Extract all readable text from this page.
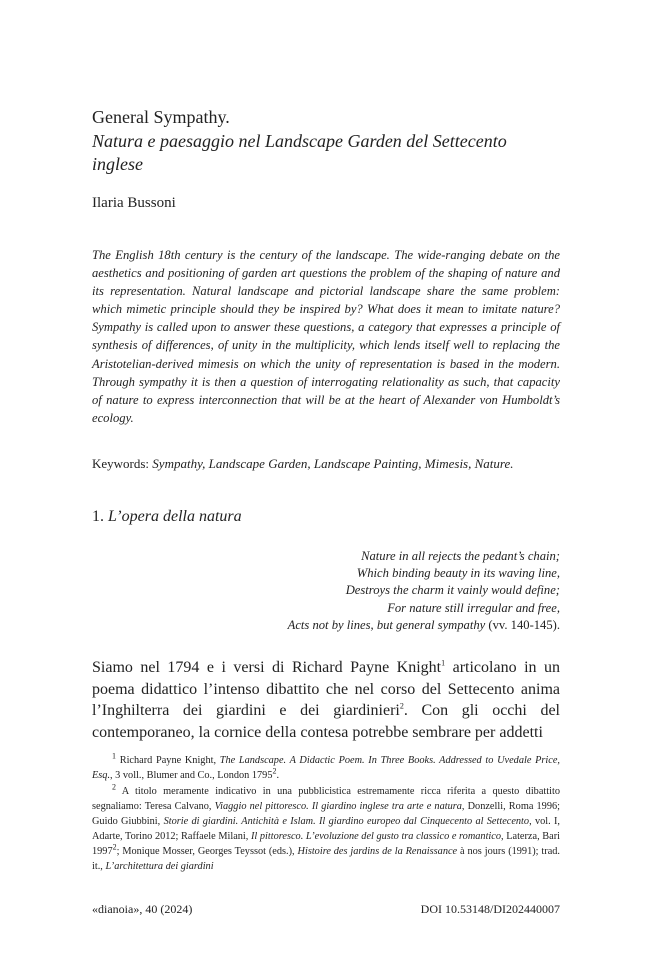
General Sympathy.
Natura e paesaggio nel Landscape Garden del Settecento inglese
Ilaria Bussoni
The English 18th century is the century of the landscape. The wide-ranging debate on the aesthetics and positioning of garden art questions the problem of the shaping of nature and its representation. Natural landscape and pictorial landscape share the same problem: which mimetic principle should they be inspired by? What does it mean to imitate nature? Sympathy is called upon to answer these questions, a category that expresses a principle of synthesis of differences, of unity in the multiplicity, which lends itself well to replacing the Aristotelian-derived mimesis on which the unity of representation is based in the modern. Through sympathy it is then a question of interrogating relationality as such, that capacity of nature to express interconnection that will be at the heart of Alexander von Humboldt’s ecology.
Keywords: Sympathy, Landscape Garden, Landscape Painting, Mimesis, Nature.
1. L’opera della natura
Nature in all rejects the pedant’s chain;
Which binding beauty in its waving line,
Destroys the charm it vainly would define;
For nature still irregular and free,
Acts not by lines, but general sympathy (vv. 140-145).
Siamo nel 1794 e i versi di Richard Payne Knight$^1$ articolano in un poema didattico l’intenso dibattito che nel corso del Settecento anima l’Inghilterra dei giardini e dei giardinieri$^2$. Con gli occhi del contemporaneo, la cornice della contesa potrebbe sembrare per addetti

$^1$ Richard Payne Knight, The Landscape. A Didactic Poem. In Three Books. Addressed to Uvedale Price, Esq., 3 voll., Blumer and Co., London 1795$^2$.

$^2$ A titolo meramente indicativo in una pubblicistica estremamente ricca riferita a questo dibattito segnaliamo: Teresa Calvano, Viaggio nel pittoresco. Il giardino inglese tra arte e natura, Donzelli, Roma 1996; Guido Giubbini, Storie di giardini. Antichità e Islam. Il giardino europeo dal Cinquecento al Settecento, vol. I, Adarte, Torino 2012; Raffaele Milani, Il pittoresco. L’evoluzione del gusto tra classico e romantico, Laterza, Bari 1997$^2$; Monique Mosser, Georges Teyssot (eds.), Histoire des jardins de la Renaissance à nos jours (1991); trad. it., L’architettura dei giardini

«dianoia», 40 (2024)	DOI 10.53148/DI202440007
